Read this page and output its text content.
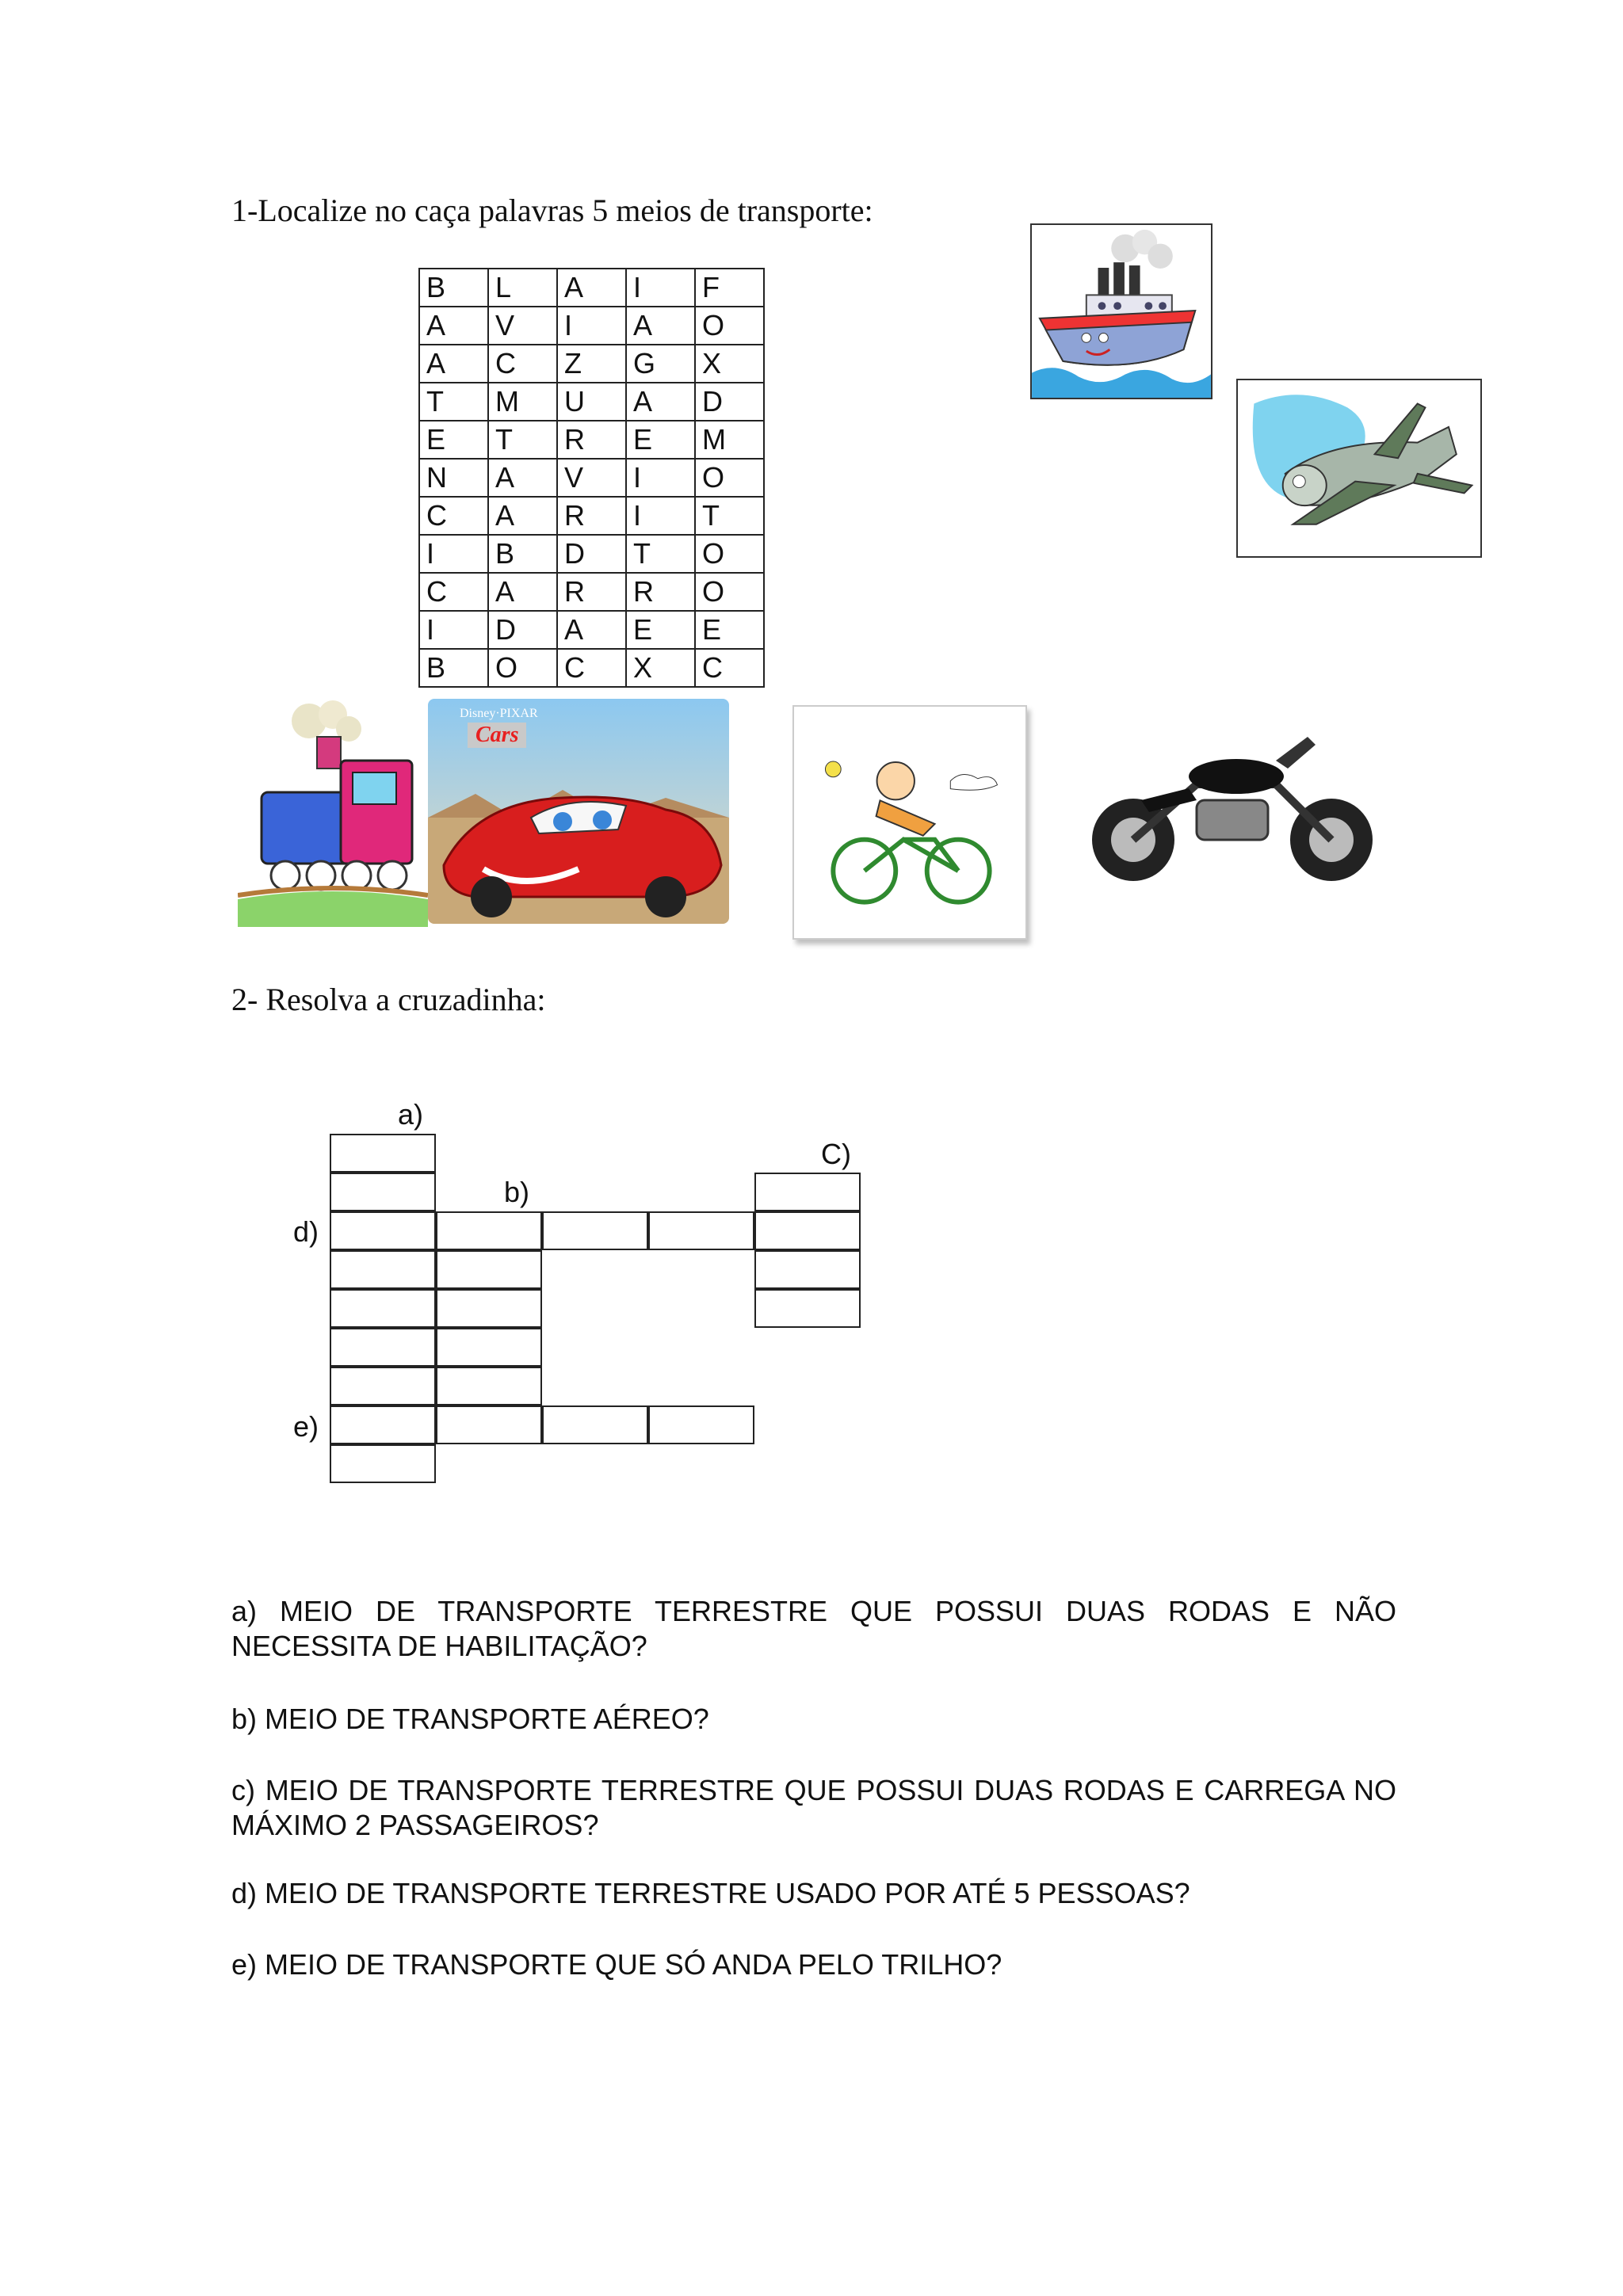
1-Localize no caça palavras 5 meios de transporte:
B	L	A	I	F
A	V	I	A	O
A	C	Z	G	X
T	M	U	A	D
E	T	R	E	M
N	A	V	I	O
C	A	R	I	T
I	B	D	T	O
C	A	R	R	O
I	D	A	E	E
B	O	C	X	C
Disney·PIXAR
Cars
2- Resolva a cruzadinha:
a)
b)
C)
d)
e)
a) MEIO DE TRANSPORTE TERRESTRE QUE POSSUI DUAS RODAS E NÃO NECESSITA DE HABILITAÇÃO?
b) MEIO DE TRANSPORTE AÉREO?
c) MEIO DE TRANSPORTE TERRESTRE QUE POSSUI DUAS RODAS E CARREGA NO MÁXIMO 2 PASSAGEIROS?
d) MEIO DE TRANSPORTE TERRESTRE USADO POR ATÉ 5 PESSOAS?
e) MEIO DE TRANSPORTE QUE SÓ ANDA PELO TRILHO?
